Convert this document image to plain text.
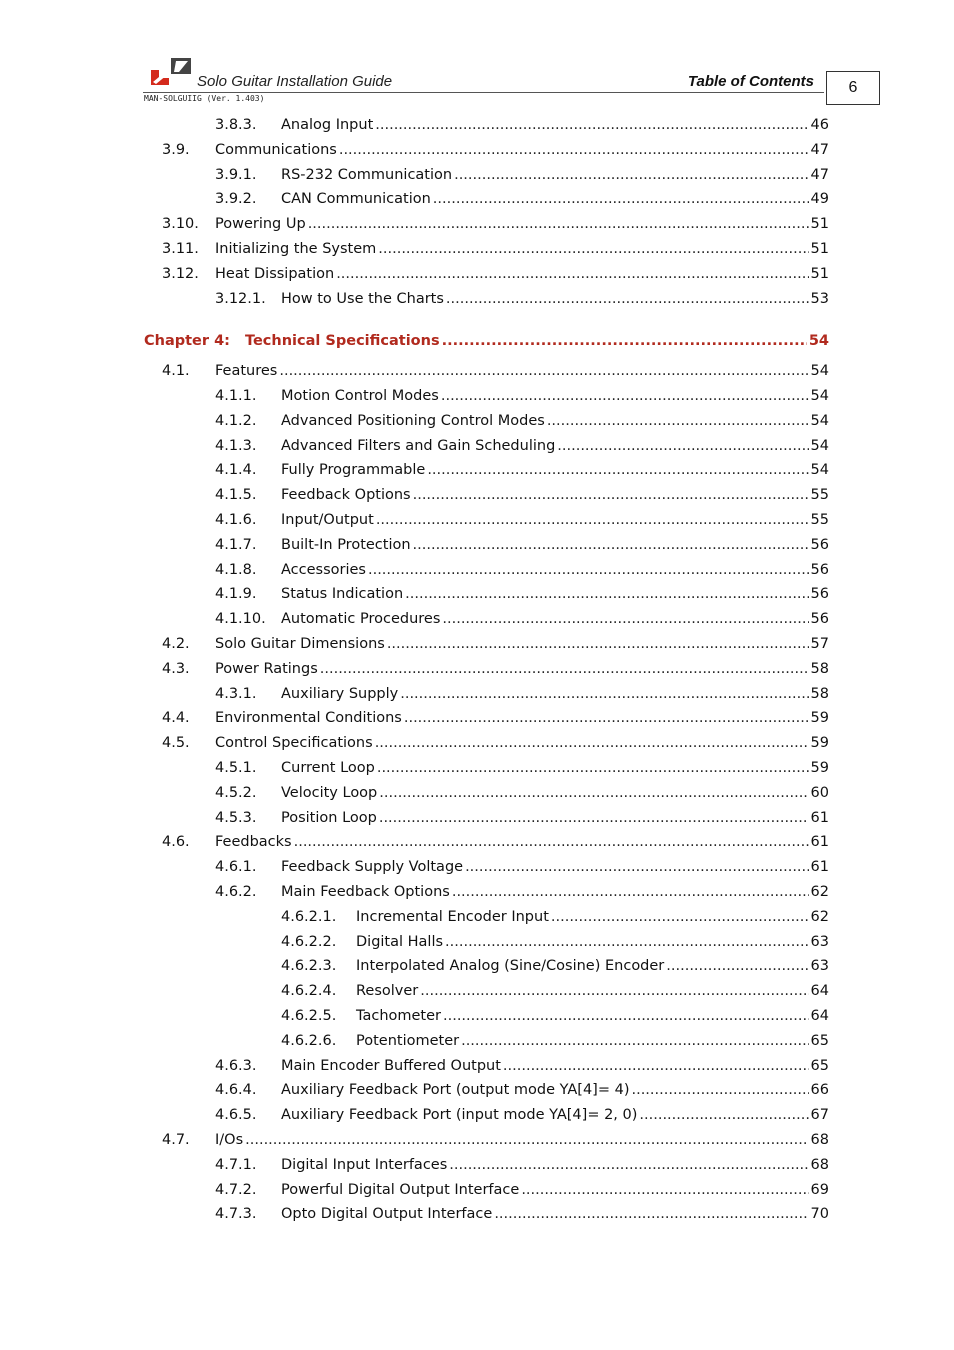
Solo Guitar Installation Guide	Table of Contents
MAN-SOLGUIIG (Ver. 1.403)
6
3.8.3. Analog Input .....	46
3.9. Communications .....	47
3.9.1. RS-232 Communication .....	47
3.9.2. CAN Communication .....	49
3.10. Powering Up .....	51
3.11. Initializing the System .....	51
3.12. Heat Dissipation .....	51
3.12.1. How to Use the Charts .....	53
Chapter 4: Technical Specifications .....	54
4.1. Features .....	54
4.1.1. Motion Control Modes .....	54
4.1.2. Advanced Positioning Control Modes .....	54
4.1.3. Advanced Filters and Gain Scheduling .....	54
4.1.4. Fully Programmable .....	54
4.1.5. Feedback Options .....	55
4.1.6. Input/Output .....	55
4.1.7. Built-In Protection .....	56
4.1.8. Accessories .....	56
4.1.9. Status Indication .....	56
4.1.10. Automatic Procedures .....	56
4.2. Solo Guitar Dimensions .....	57
4.3. Power Ratings .....	58
4.3.1. Auxiliary Supply .....	58
4.4. Environmental Conditions .....	59
4.5. Control Specifications .....	59
4.5.1. Current Loop .....	59
4.5.2. Velocity Loop .....	60
4.5.3. Position Loop .....	61
4.6. Feedbacks .....	61
4.6.1. Feedback Supply Voltage .....	61
4.6.2. Main Feedback Options .....	62
4.6.2.1. Incremental Encoder Input .....	62
4.6.2.2. Digital Halls .....	63
4.6.2.3. Interpolated Analog (Sine/Cosine) Encoder .....	63
4.6.2.4. Resolver .....	64
4.6.2.5. Tachometer .....	64
4.6.2.6. Potentiometer .....	65
4.6.3. Main Encoder Buffered Output .....	65
4.6.4. Auxiliary Feedback Port (output mode YA[4]= 4) .....	66
4.6.5. Auxiliary Feedback Port (input mode YA[4]= 2, 0) .....	67
4.7. I/Os .....	68
4.7.1. Digital Input Interfaces .....	68
4.7.2. Powerful Digital Output Interface .....	69
4.7.3. Opto Digital Output Interface .....	70
